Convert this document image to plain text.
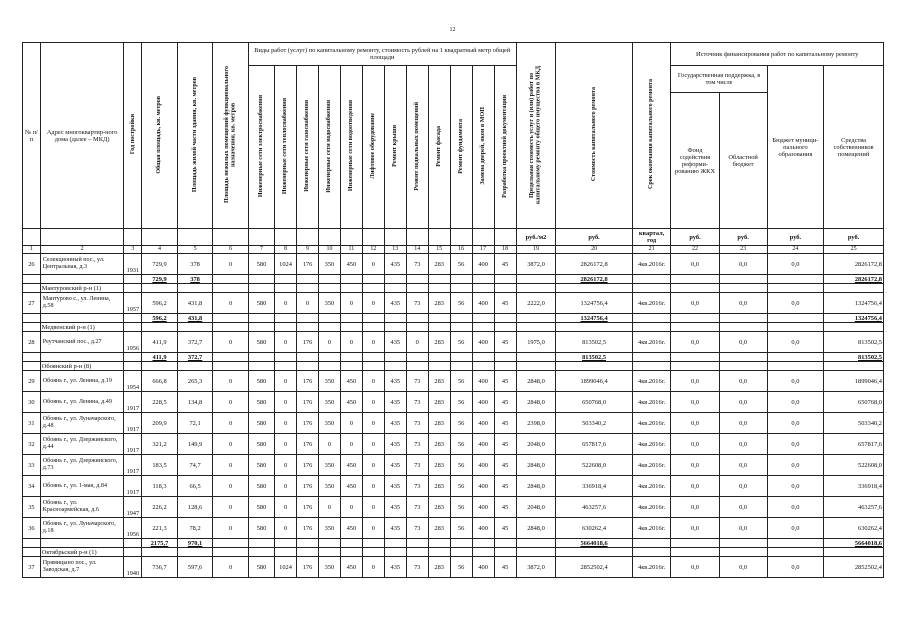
12
№ п/п	Адрес многоквартир-ного дома (далее – МКД)	Год постройки	Общая площадь, кв. метров	Площадь жилой части здания, кв. метров	Площадь нежилых помещений функционального назначения, кв. метров	Виды работ (услуг) по капитальному ремонту, стоимость рублей на 1 квадратный метр общей площади												Предельная стоимость услуг и (или) работ по капитальному ремонту общего имущества в МКД	Стоимость капитального ремонта	Срок окончания капитального ремонта	Источник финансирования работ по капитальному ремонту			
						Инженерные сети электроснабжения	Инженерные сети теплоснабжения	Инженерные сети газоснабжения	Инженерные сети водоснабжения	Инженерные сети водоотведения	Лифтовое оборудование	Ремонт крыши	Ремонт подвальных помещений	Ремонт фасада	Ремонт фундамента	Замена дверей, окон в МОП	Разработка проектной документации				Государственная поддержка, в том числе		Бюджет муници-пального образования	Средства собственников помещений
																					Фонд содействия реформи-рованию ЖКХ	Областной бюджет		
																		руб./м2	руб.	квартал, год	руб.	руб.	руб.	руб.
1	2	3	4	5	6	7	8	9	10	11	12	13	14	15	16	17	18	19	20	21	22	23	24	25
26	Селекционный пос., ул. Центральная, д.3	1931	729,9	378	0	580	1024	176	350	450	0	435	73	283	56	400	45	3872,0	2826172,8	4кв.2016г.	0,0	0,0	0,0	2826172,8
			729,9	378															2826172,8					2826172,8
	Мантуровский р-н (1)																							
27	Мантурово с., ул. Ленина, д.58	1957	596,2	431,8	0	580	0	0	350	0	0	435	73	283	56	400	45	2222,0	1324756,4	4кв.2016г.	0,0	0,0	0,0	1324756,4
			596,2	431,8															1324756,4					1324756,4
	Медвенский р-н (1)																							
28	Реутчанский пос., д.27	1956	411,9	372,7	0	580	0	176	0	0	0	435	0	283	56	400	45	1975,0	813502,5	4кв.2016г.	0,0	0,0	0,0	813502,5
			411,9	372,7															813502,5					813502,5
	Обоянский р-н (8)																							
29	Обоянь г., ул. Ленина, д.19	1954	666,8	265,3	0	580	0	176	350	450	0	435	73	283	56	400	45	2848,0	1899046,4	4кв.2016г.	0,0	0,0	0,0	1899046,4
30	Обоянь г., ул. Ленина, д.49	1917	228,5	134,8	0	580	0	176	350	450	0	435	73	283	56	400	45	2848,0	650768,0	4кв.2016г.	0,0	0,0	0,0	650768,0
31	Обоянь г., ул. Луначарского, д.48	1917	209,9	72,1	0	580	0	176	350	0	0	435	73	283	56	400	45	2398,0	503340,2	4кв.2016г.	0,0	0,0	0,0	503340,2
32	Обоянь г., ул. Дзержинского, д.44	1917	321,2	149,9	0	580	0	176	0	0	0	435	73	283	56	400	45	2048,0	657817,6	4кв.2016г.	0,0	0,0	0,0	657817,6
33	Обоянь г., ул. Дзержинского, д.73	1917	183,5	74,7	0	580	0	176	350	450	0	435	73	283	56	400	45	2848,0	522608,0	4кв.2016г.	0,0	0,0	0,0	522608,0
34	Обоянь г., ул. 1-мая, д.84	1917	118,3	66,5	0	580	0	176	350	450	0	435	73	283	56	400	45	2848,0	336918,4	4кв.2016г.	0,0	0,0	0,0	336918,4
35	Обоянь г., ул. Красноармейская, д.6	1947	226,2	128,6	0	580	0	176	0	0	0	435	73	283	56	400	45	2048,0	463257,6	4кв.2016г.	0,0	0,0	0,0	463257,6
36	Обоянь г., ул. Луначарского, д.18	1956	221,3	78,2	0	580	0	176	350	450	0	435	73	283	56	400	45	2848,0	630262,4	4кв.2016г.	0,0	0,0	0,0	630262,4
			2175,7	970,1															5664018,6					5664018,6
	Октябрьский р-н (1)																							
37	Прямицыно пос., ул. Заводская, д.7	1940	736,7	597,6	0	580	1024	176	350	450	0	435	73	283	56	400	45	3872,0	2852502,4	4кв.2016г.	0,0	0,0	0,0	2852502,4
